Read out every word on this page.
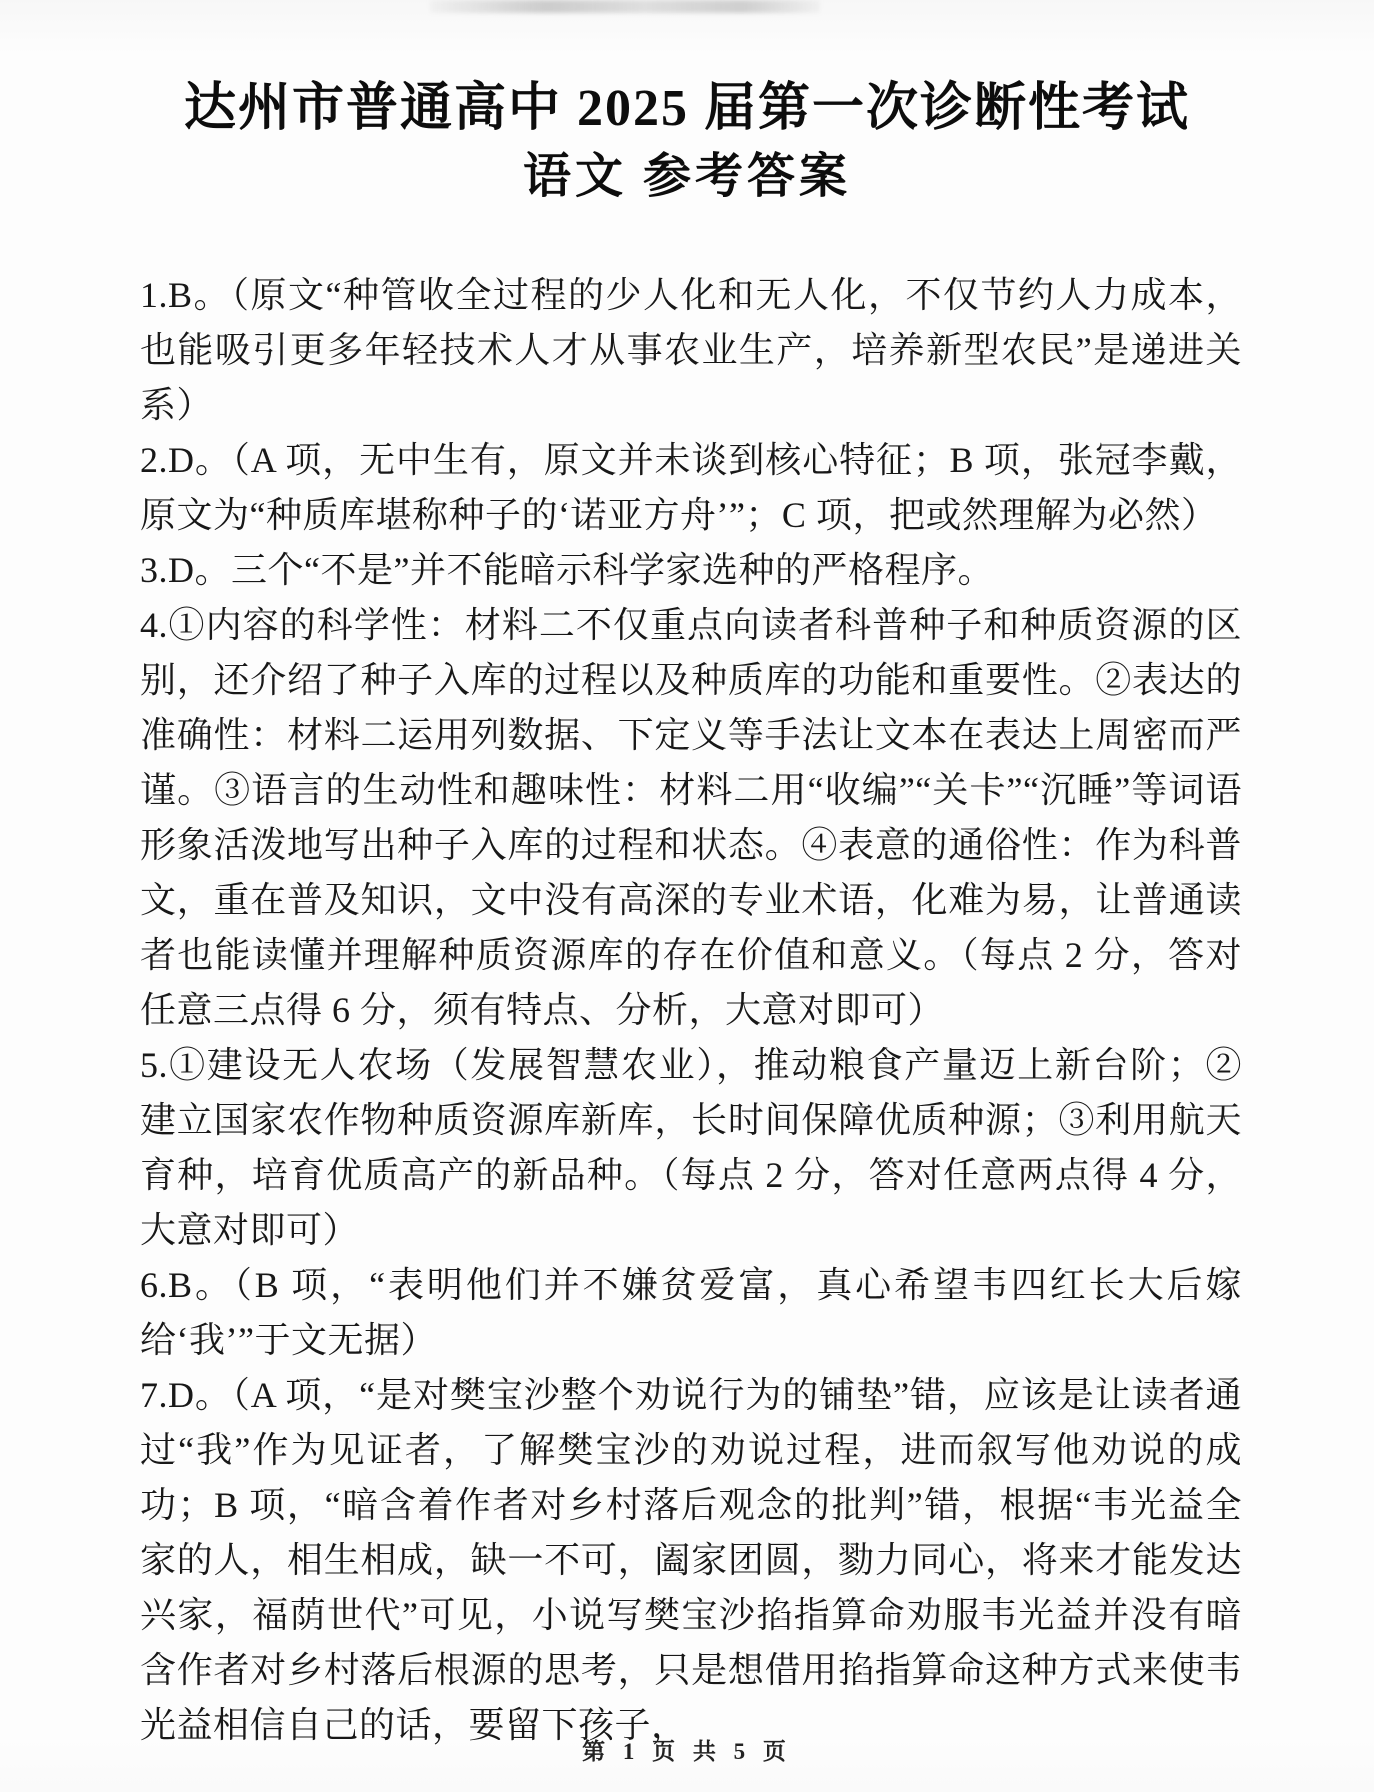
达州市普通高中 2025 届第一次诊断性考试
语文 参考答案

1.B。（原文“种管收全过程的少人化和无人化，不仅节约人力成本，也能吸引更多年轻技术人才从事农业生产，培养新型农民”是递进关系）

2.D。（A 项，无中生有，原文并未谈到核心特征；B 项，张冠李戴，原文为“种质库堪称种子的‘诺亚方舟’”；C 项，把或然理解为必然）

3.D。三个“不是”并不能暗示科学家选种的严格程序。

4.①内容的科学性：材料二不仅重点向读者科普种子和种质资源的区别，还介绍了种子入库的过程以及种质库的功能和重要性。②表达的准确性：材料二运用列数据、下定义等手法让文本在表达上周密而严谨。③语言的生动性和趣味性：材料二用“收编”“关卡”“沉睡”等词语形象活泼地写出种子入库的过程和状态。④表意的通俗性：作为科普文，重在普及知识，文中没有高深的专业术语，化难为易，让普通读者也能读懂并理解种质资源库的存在价值和意义。（每点 2 分，答对任意三点得 6 分，须有特点、分析，大意对即可）

5.①建设无人农场（发展智慧农业），推动粮食产量迈上新台阶；②建立国家农作物种质资源库新库，长时间保障优质种源；③利用航天育种，培育优质高产的新品种。（每点 2 分，答对任意两点得 4 分，大意对即可）

6.B。（B 项，“表明他们并不嫌贫爱富，真心希望韦四红长大后嫁给‘我’”于文无据）

7.D。（A 项，“是对樊宝沙整个劝说行为的铺垫”错，应该是让读者通过“我”作为见证者，了解樊宝沙的劝说过程，进而叙写他劝说的成功；B 项，“暗含着作者对乡村落后观念的批判”错，根据“韦光益全家的人，相生相成，缺一不可，阖家团圆，勠力同心，将来才能发达兴家，福荫世代”可见，小说写樊宝沙掐指算命劝服韦光益并没有暗含作者对乡村落后根源的思考，只是想借用掐指算命这种方式来使韦光益相信自己的话，要留下孩子，

第 1 页 共 5 页
